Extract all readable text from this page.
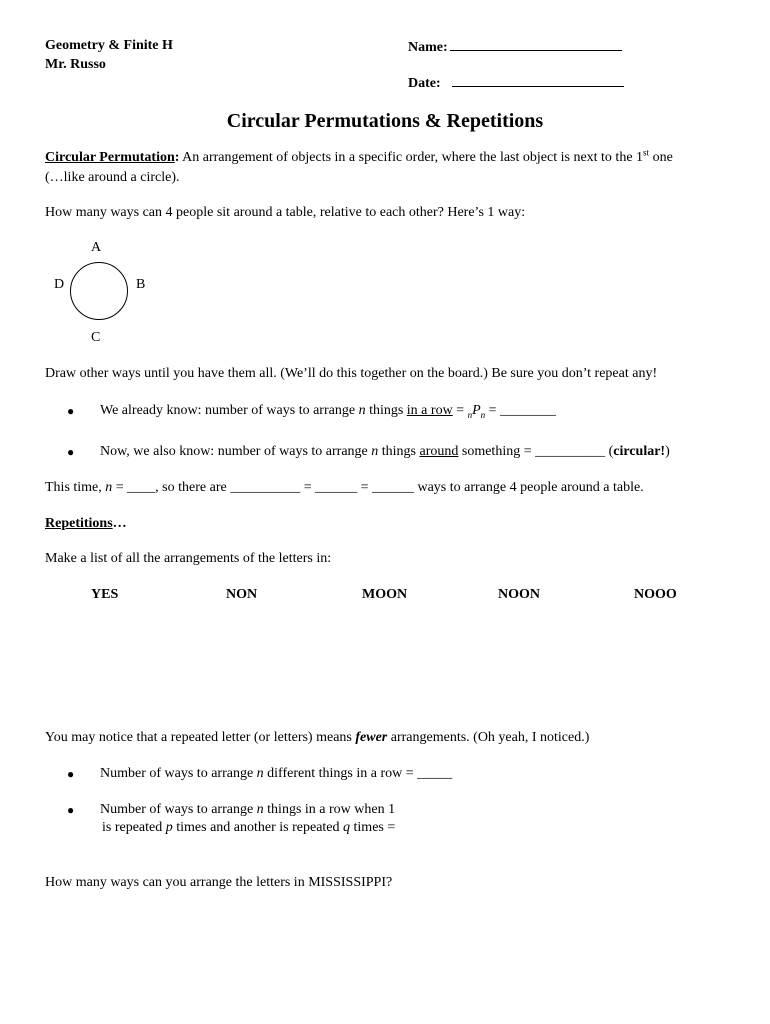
Geometry & Finite H
Mr. Russo
Name:
Date:
Circular Permutations & Repetitions
Circular Permutation: An arrangement of objects in a specific order, where the last object is next to the 1st one
(…like around a circle).
How many ways can 4 people sit around a table, relative to each other? Here’s 1 way:
A
B
C
D
Draw other ways until you have them all. (We’ll do this together on the board.) Be sure you don’t repeat any!
● We already know: number of ways to arrange n things in a row = $_nP_n$ = ________
● Now, we also know: number of ways to arrange n things around something = __________ (circular!)
This time, n = ____, so there are __________ = ______ = ______ ways to arrange 4 people around a table.
Repetitions…
Make a list of all the arrangements of the letters in:
YES	NON	MOON	NOON	NOOO
You may notice that a repeated letter (or letters) means fewer arrangements. (Oh yeah, I noticed.)
● Number of ways to arrange n different things in a row = _____
● Number of ways to arrange n things in a row when 1
is repeated p times and another is repeated q times =
How many ways can you arrange the letters in MISSISSIPPI?
